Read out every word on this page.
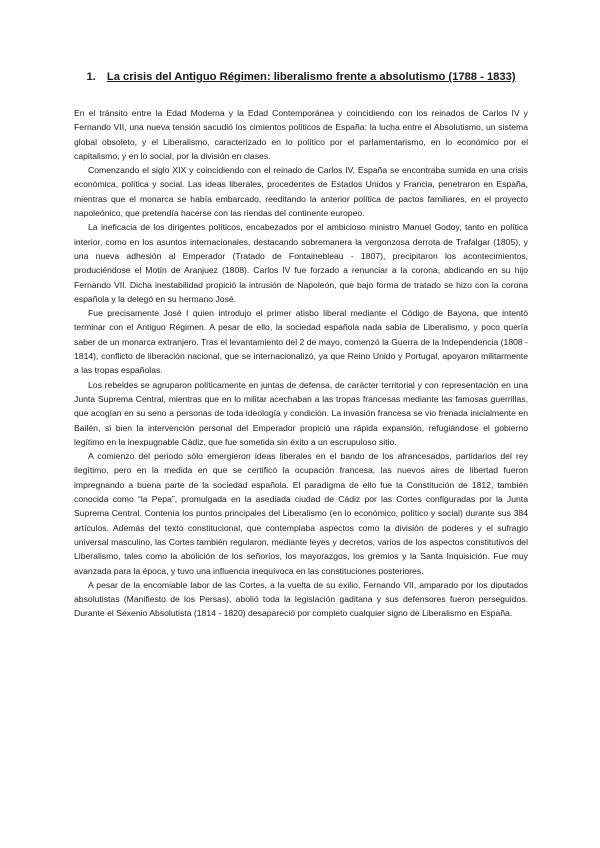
1. La crisis del Antiguo Régimen: liberalismo frente a absolutismo (1788 - 1833)

En el tránsito entre la Edad Moderna y la Edad Contemporánea y coincidiendo con los reinados de Carlos IV y Fernando VII, una nueva tensión sacudió los cimientos políticos de España: la lucha entre el Absolutismo, un sistema global obsoleto, y el Liberalismo, caracterizado en lo político por el parlamentarismo, en lo económico por el capitalismo, y en lo social, por la división en clases.

Comenzando el siglo XIX y coincidiendo con el reinado de Carlos IV, España se encontraba sumida en una crisis económica, política y social. Las ideas liberales, procedentes de Estados Unidos y Francia, penetraron en España, mientras que el monarca se había embarcado, reeditando la anterior política de pactos familiares, en el proyecto napoleónico, que pretendía hacerse con las riendas del continente europeo.

La ineficacia de los dirigentes políticos, encabezados por el ambicioso ministro Manuel Godoy, tanto en política interior, como en los asuntos internacionales, destacando sobremanera la vergonzosa derrota de Trafalgar (1805), y una nueva adhesión al Emperador (Tratado de Fontainebleau - 1807), precipitaron los acontecimientos, produciéndose el Motín de Aranjuez (1808). Carlos IV fue forzado a renunciar a la corona, abdicando en su hijo Fernando VII. Dicha inestabilidad propició la intrusión de Napoleón, que bajo forma de tratado se hizo con la corona española y la delegó en su hermano José.

Fue precisamente José I quien introdujo el primer atisbo liberal mediante el Código de Bayona, que intentó terminar con el Antiguo Régimen. A pesar de ello, la sociedad española nada sabía de Liberalismo, y poco quería saber de un monarca extranjero. Tras el levantamiento del 2 de mayo, comenzó la Guerra de la Independencia (1808 - 1814), conflicto de liberación nacional, que se internacionalizó, ya que Reino Unido y Portugal, apoyaron militarmente a las tropas españolas.

Los rebeldes se agruparon políticamente en juntas de defensa, de carácter territorial y con representación en una Junta Suprema Central, mientras que en lo militar acechaban a las tropas francesas mediante las famosas guerrillas, que acogían en su seno a personas de toda ideología y condición. La invasión francesa se vio frenada inicialmente en Bailén, si bien la intervención personal del Emperador propició una rápida expansión, refugiándose el gobierno legítimo en la inexpugnable Cádiz, que fue sometida sin éxito a un escrupuloso sitio.

A comienzo del periodo sólo emergieron ideas liberales en el bando de los afrancesados, partidarios del rey ilegítimo, pero en la medida en que se certificó la ocupación francesa, las nuevos aires de libertad fueron impregnando a buena parte de la sociedad española. El paradigma de ello fue la Constitución de 1812, también conocida como “la Pepa”, promulgada en la asediada ciudad de Cádiz por las Cortes configuradas por la Junta Suprema Central. Contenía los puntos principales del Liberalismo (en lo económico, político y social) durante sus 384 artículos. Además del texto constitucional, que contemplaba aspectos como la división de poderes y el sufragio universal masculino, las Cortes también regularon, mediante leyes y decretos, varios de los aspectos constitutivos del Liberalismo, tales como la abolición de los señoríos, los mayorazgos, los gremios y la Santa Inquisición. Fue muy avanzada para la época, y tuvo una influencia inequívoca en las constituciones posteriores.

A pesar de la encomiable labor de las Cortes, a la vuelta de su exilio, Fernando VII, amparado por los diputados absolutistas (Manifiesto de los Persas), abolió toda la legislación gaditana y sus defensores fueron perseguidos. Durante el Sexenio Absolutista (1814 - 1820) desapareció por completo cualquier signo de Liberalismo en España.
